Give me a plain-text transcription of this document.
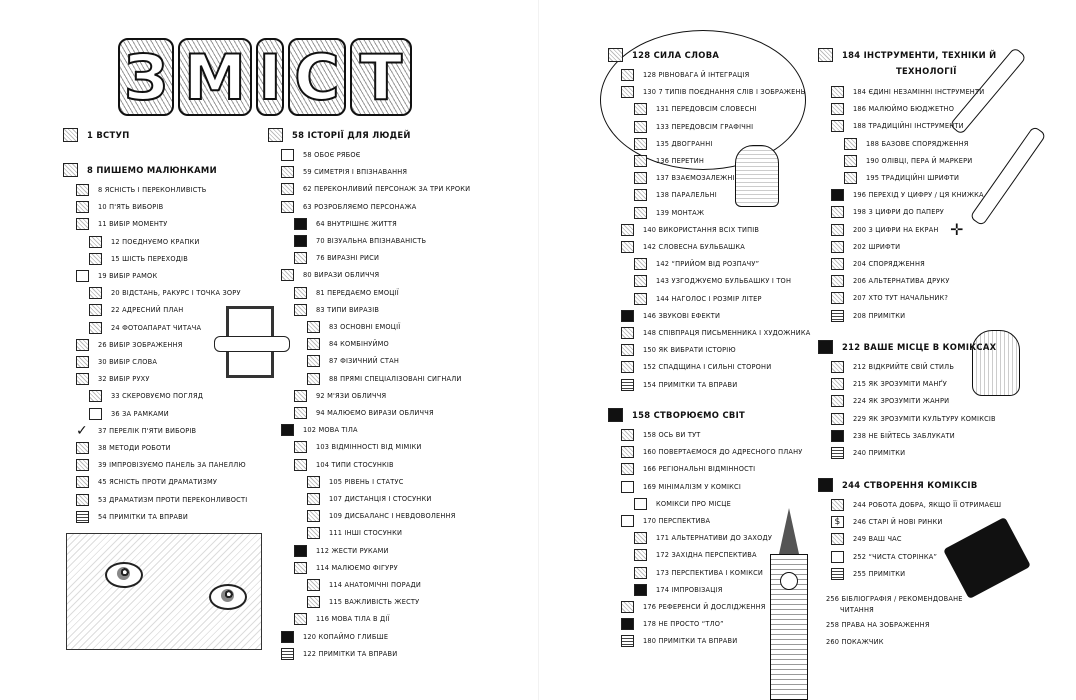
З М І С Т
✛
1 ВСТУП
8 ПИШЕМО МАЛЮНКАМИ
8 ЯСНІСТЬ І ПЕРЕКОНЛИВІСТЬ
10 П'ЯТЬ ВИБОРІВ
11 ВИБІР МОМЕНТУ
12 ПОЄДНУЄМО КРАПКИ
15 ШІСТЬ ПЕРЕХОДІВ
19 ВИБІР РАМОК
20 ВІДСТАНЬ, РАКУРС І ТОЧКА ЗОРУ
22 АДРЕСНИЙ ПЛАН
24 ФОТОАПАРАТ ЧИТАЧА
26 ВИБІР ЗОБРАЖЕННЯ
30 ВИБІР СЛОВА
32 ВИБІР РУХУ
33 СКЕРОВУЄМО ПОГЛЯД
36 ЗА РАМКАМИ
✓ 37 ПЕРЕЛІК П'ЯТИ ВИБОРІВ
38 МЕТОДИ РОБОТИ
39 ІМПРОВІЗУЄМО ПАНЕЛЬ ЗА ПАНЕЛЛЮ
45 ЯСНІСТЬ ПРОТИ ДРАМАТИЗМУ
53 ДРАМАТИЗМ ПРОТИ ПЕРЕКОНЛИВОСТІ
54 ПРИМІТКИ ТА ВПРАВИ
58 ІСТОРІЇ ДЛЯ ЛЮДЕЙ
58 ОБОЄ РЯБОЄ
59 СИМЕТРІЯ І ВПІЗНАВАННЯ
62 ПЕРЕКОНЛИВИЙ ПЕРСОНАЖ ЗА ТРИ КРОКИ
63 РОЗРОБЛЯЄМО ПЕРСОНАЖА
64 ВНУТРІШНЄ ЖИТТЯ
70 ВІЗУАЛЬНА ВПІЗНАВАНІСТЬ
76 ВИРАЗНІ РИСИ
80 ВИРАЗИ ОБЛИЧЧЯ
81 ПЕРЕДАЄМО ЕМОЦІЇ
83 ТИПИ ВИРАЗІВ
83 ОСНОВНІ ЕМОЦІЇ
84 КОМБІНУЙМО
87 ФІЗИЧНИЙ СТАН
88 ПРЯМІ СПЕЦІАЛІЗОВАНІ СИГНАЛИ
92 М'ЯЗИ ОБЛИЧЧЯ
94 МАЛЮЄМО ВИРАЗИ ОБЛИЧЧЯ
102 МОВА ТІЛА
103 ВІДМІННОСТІ ВІД МІМІКИ
104 ТИПИ СТОСУНКІВ
105 РІВЕНЬ І СТАТУС
107 ДИСТАНЦІЯ І СТОСУНКИ
109 ДИСБАЛАНС І НЕВДОВОЛЕННЯ
111 ІНШІ СТОСУНКИ
112 ЖЕСТИ РУКАМИ
114 МАЛЮЄМО ФІГУРУ
114 АНАТОМІЧНІ ПОРАДИ
115 ВАЖЛИВІСТЬ ЖЕСТУ
116 МОВА ТІЛА В ДІЇ
120 КОПАЙМО ГЛИБШЕ
122 ПРИМІТКИ ТА ВПРАВИ
128 СИЛА СЛОВА
128 РІВНОВАГА Й ІНТЕГРАЦІЯ
130 7 ТИПІВ ПОЄДНАННЯ СЛІВ І ЗОБРАЖЕНЬ
131 ПЕРЕДОВСІМ СЛОВЕСНІ
133 ПЕРЕДОВСІМ ГРАФІЧНІ
135 ДВОГРАННІ
136 ПЕРЕТИН
137 ВЗАЄМОЗАЛЕЖНІ
138 ПАРАЛЕЛЬНІ
139 МОНТАЖ
140 ВИКОРИСТАННЯ ВСІХ ТИПІВ
142 СЛОВЕСНА БУЛЬБАШКА
142 “ПРИЙОМ ВІД РОЗПАЧУ”
143 УЗГОДЖУЄМО БУЛЬБАШКУ І ТОН
144 НАГОЛОС І РОЗМІР ЛІТЕР
146 ЗВУКОВІ ЕФЕКТИ
148 СПІВПРАЦЯ ПИСЬМЕННИКА І ХУДОЖНИКА
150 ЯК ВИБРАТИ ІСТОРІЮ
152 СПАДЩИНА І СИЛЬНІ СТОРОНИ
154 ПРИМІТКИ ТА ВПРАВИ
158 СТВОРЮЄМО СВІТ
158 ОСЬ ВИ ТУТ
160 ПОВЕРТАЄМОСЯ ДО АДРЕСНОГО ПЛАНУ
166 РЕГІОНАЛЬНІ ВІДМІННОСТІ
169 МІНІМАЛІЗМ У КОМІКСІ
КОМІКСИ ПРО МІСЦЕ
170 ПЕРСПЕКТИВА
171 АЛЬТЕРНАТИВИ ДО ЗАХОДУ
172 ЗАХІДНА ПЕРСПЕКТИВА
173 ПЕРСПЕКТИВА І КОМІКСИ
174 ІМПРОВІЗАЦІЯ
176 РЕФЕРЕНСИ Й ДОСЛІДЖЕННЯ
178 НЕ ПРОСТО “ТЛО”
180 ПРИМІТКИ ТА ВПРАВИ
184 ІНСТРУМЕНТИ, ТЕХНІКИ Й
ТЕХНОЛОГІЇ
184 ЄДИНІ НЕЗАМІННІ ІНСТРУМЕНТИ
186 МАЛЮЙМО БЮДЖЕТНО
188 ТРАДИЦІЙНІ ІНСТРУМЕНТИ
188 БАЗОВЕ СПОРЯДЖЕННЯ
190 ОЛІВЦІ, ПЕРА Й МАРКЕРИ
195 ТРАДИЦІЙНІ ШРИФТИ
196 ПЕРЕХІД У ЦИФРУ / ЦЯ КНИЖКА
198 З ЦИФРИ ДО ПАПЕРУ
200 З ЦИФРИ НА ЕКРАН
202 ШРИФТИ
204 СПОРЯДЖЕННЯ
206 АЛЬТЕРНАТИВА ДРУКУ
207 ХТО ТУТ НАЧАЛЬНИК?
208 ПРИМІТКИ
212 ВАШЕ МІСЦЕ В КОМІКСАХ
212 ВІДКРИЙТЕ СВІЙ СТИЛЬ
215 ЯК ЗРОЗУМІТИ МАНҐУ
224 ЯК ЗРОЗУМІТИ ЖАНРИ
229 ЯК ЗРОЗУМІТИ КУЛЬТУРУ КОМІКСІВ
238 НЕ БІЙТЕСЬ ЗАБЛУКАТИ
240 ПРИМІТКИ
244 СТВОРЕННЯ КОМІКСІВ
244 РОБОТА ДОБРА, ЯКЩО ЇЇ ОТРИМАЄШ
$	246 СТАРІ Й НОВІ РИНКИ
249 ВАШ ЧАС
252 “ЧИСТА СТОРІНКА”
255 ПРИМІТКИ
256 БІБЛІОГРАФІЯ / РЕКОМЕНДОВАНЕ
ЧИТАННЯ
258 ПРАВА НА ЗОБРАЖЕННЯ
260 ПОКАЖЧИК
